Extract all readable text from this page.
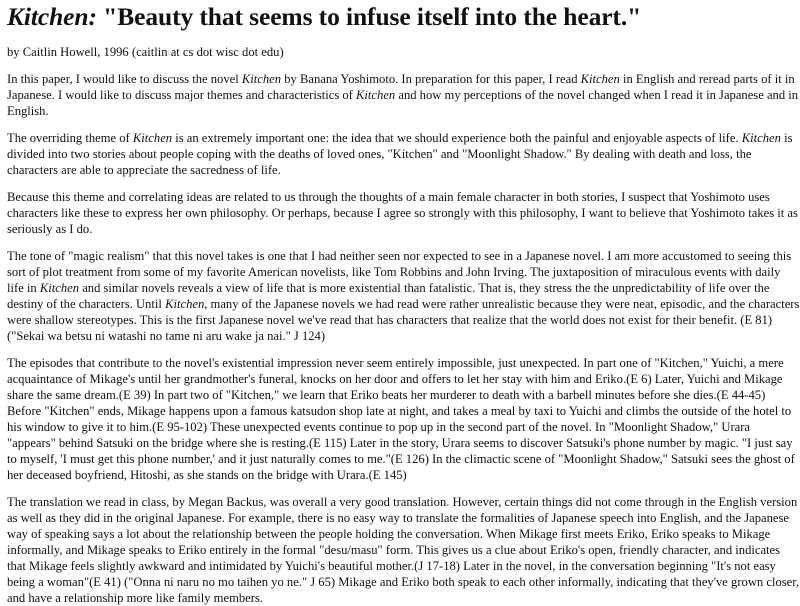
Kitchen: "Beauty that seems to infuse itself into the heart."

by Caitlin Howell, 1996 (caitlin at cs dot wisc dot edu)

In this paper, I would like to discuss the novel Kitchen by Banana Yoshimoto. In preparation for this paper, I read Kitchen in English and reread parts of it in
Japanese. I would like to discuss major themes and characteristics of Kitchen and how my perceptions of the novel changed when I read it in Japanese and in
English.

The overriding theme of Kitchen is an extremely important one: the idea that we should experience both the painful and enjoyable aspects of life. Kitchen is
divided into two stories about people coping with the deaths of loved ones, "Kitchen" and "Moonlight Shadow." By dealing with death and loss, the
characters are able to appreciate the sacredness of life.

Because this theme and correlating ideas are related to us through the thoughts of a main female character in both stories, I suspect that Yoshimoto uses
characters like these to express her own philosophy. Or perhaps, because I agree so strongly with this philosophy, I want to believe that Yoshimoto takes it as
seriously as I do.

The tone of "magic realism" that this novel takes is one that I had neither seen nor expected to see in a Japanese novel. I am more accustomed to seeing this
sort of plot treatment from some of my favorite American novelists, like Tom Robbins and John Irving. The juxtaposition of miraculous events with daily
life in Kitchen and similar novels reveals a view of life that is more existential than fatalistic. That is, they stress the the unpredictability of life over the
destiny of the characters. Until Kitchen, many of the Japanese novels we had read were rather unrealistic because they were neat, episodic, and the characters
were shallow stereotypes. This is the first Japanese novel we've read that has characters that realize that the world does not exist for their benefit. (E 81)
("Sekai wa betsu ni watashi no tame ni aru wake ja nai." J 124)

The episodes that contribute to the novel's existential impression never seem entirely impossible, just unexpected. In part one of "Kitchen," Yuichi, a mere
acquaintance of Mikage's until her grandmother's funeral, knocks on her door and offers to let her stay with him and Eriko.(E 6) Later, Yuichi and Mikage
share the same dream.(E 39) In part two of "Kitchen," we learn that Eriko beats her murderer to death with a barbell minutes before she dies.(E 44-45)
Before "Kitchen" ends, Mikage happens upon a famous katsudon shop late at night, and takes a meal by taxi to Yuichi and climbs the outside of the hotel to
his window to give it to him.(E 95-102) These unexpected events continue to pop up in the second part of the novel. In "Moonlight Shadow," Urara
"appears" behind Satsuki on the bridge where she is resting.(E 115) Later in the story, Urara seems to discover Satsuki's phone number by magic. "I just say
to myself, 'I must get this phone number,' and it just naturally comes to me."(E 126) In the climactic scene of "Moonlight Shadow," Satsuki sees the ghost of
her deceased boyfriend, Hitoshi, as she stands on the bridge with Urara.(E 145)

The translation we read in class, by Megan Backus, was overall a very good translation. However, certain things did not come through in the English version
as well as they did in the original Japanese. For example, there is no easy way to translate the formalities of Japanese speech into English, and the Japanese
way of speaking says a lot about the relationship between the people holding the conversation. When Mikage first meets Eriko, Eriko speaks to Mikage
informally, and Mikage speaks to Eriko entirely in the formal "desu/masu" form. This gives us a clue about Eriko's open, friendly character, and indicates
that Mikage feels slightly awkward and intimidated by Yuichi's beautiful mother.(J 17-18) Later in the novel, in the conversation beginning "It's not easy
being a woman"(E 41) ("Onna ni naru no mo taihen yo ne." J 65) Mikage and Eriko both speak to each other informally, indicating that they've grown closer,
and have a relationship more like family members.
